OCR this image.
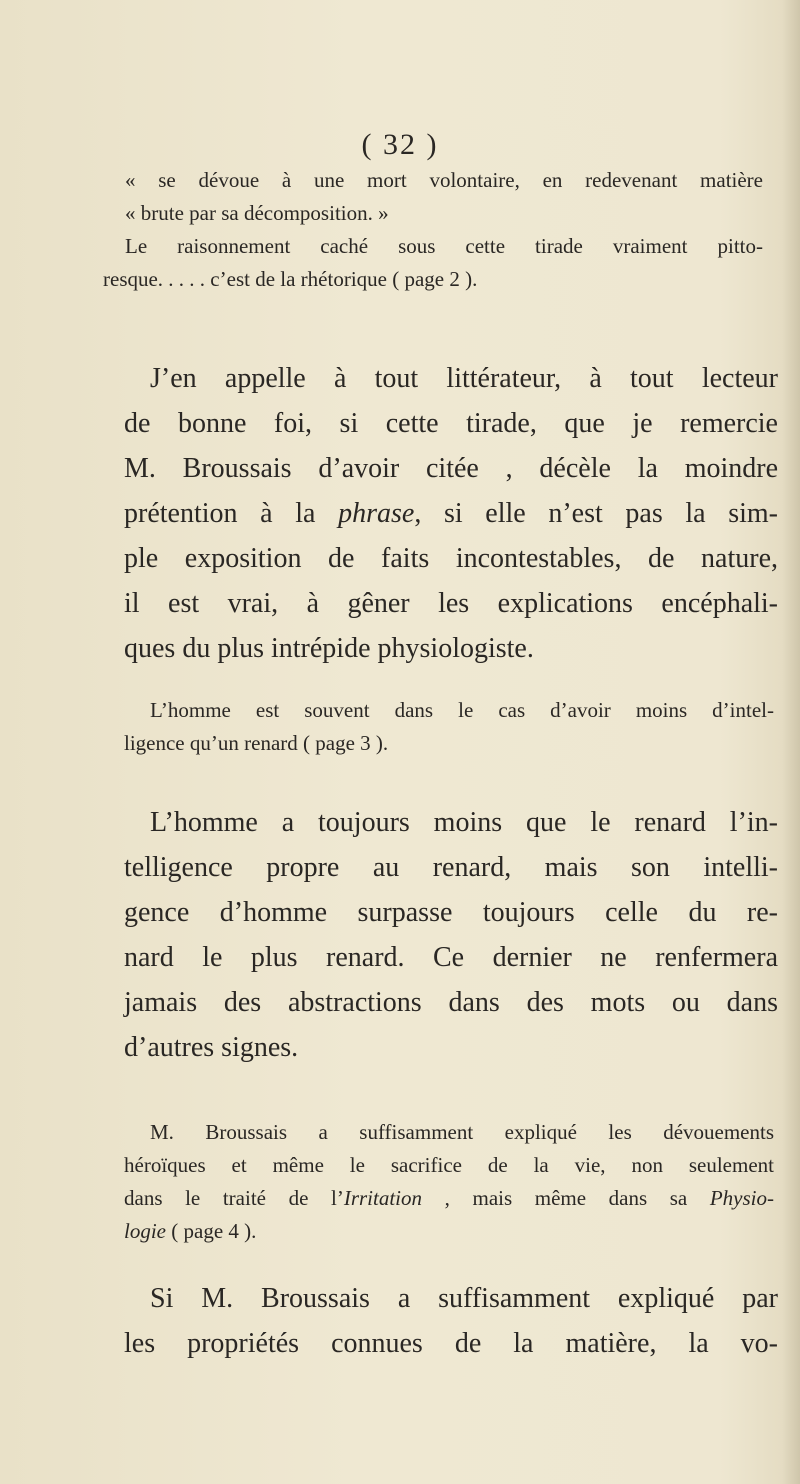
( 32 )
« se dévoue à une mort volontaire, en redevenant matière
« brute par sa décomposition. »
Le raisonnement caché sous cette tirade vraiment pitto-
resque. . . . . c’est de la rhétorique ( page 2 ).
J’en appelle à tout littérateur, à tout lecteur
de bonne foi, si cette tirade, que je remercie
M. Broussais d’avoir citée , décèle la moindre
prétention à la phrase, si elle n’est pas la sim-
ple exposition de faits incontestables, de nature,
il est vrai, à gêner les explications encéphali-
ques du plus intrépide physiologiste.
L’homme est souvent dans le cas d’avoir moins d’intel-
ligence qu’un renard ( page 3 ).
L’homme a toujours moins que le renard l’in-
telligence propre au renard, mais son intelli-
gence d’homme surpasse toujours celle du re-
nard le plus renard. Ce dernier ne renfermera
jamais des abstractions dans des mots ou dans
d’autres signes.
M. Broussais a suffisamment expliqué les dévouements
héroïques et même le sacrifice de la vie, non seulement
dans le traité de l’Irritation , mais même dans sa Physio-
logie ( page 4 ).
Si M. Broussais a suffisamment expliqué par
les propriétés connues de la matière, la vo-
